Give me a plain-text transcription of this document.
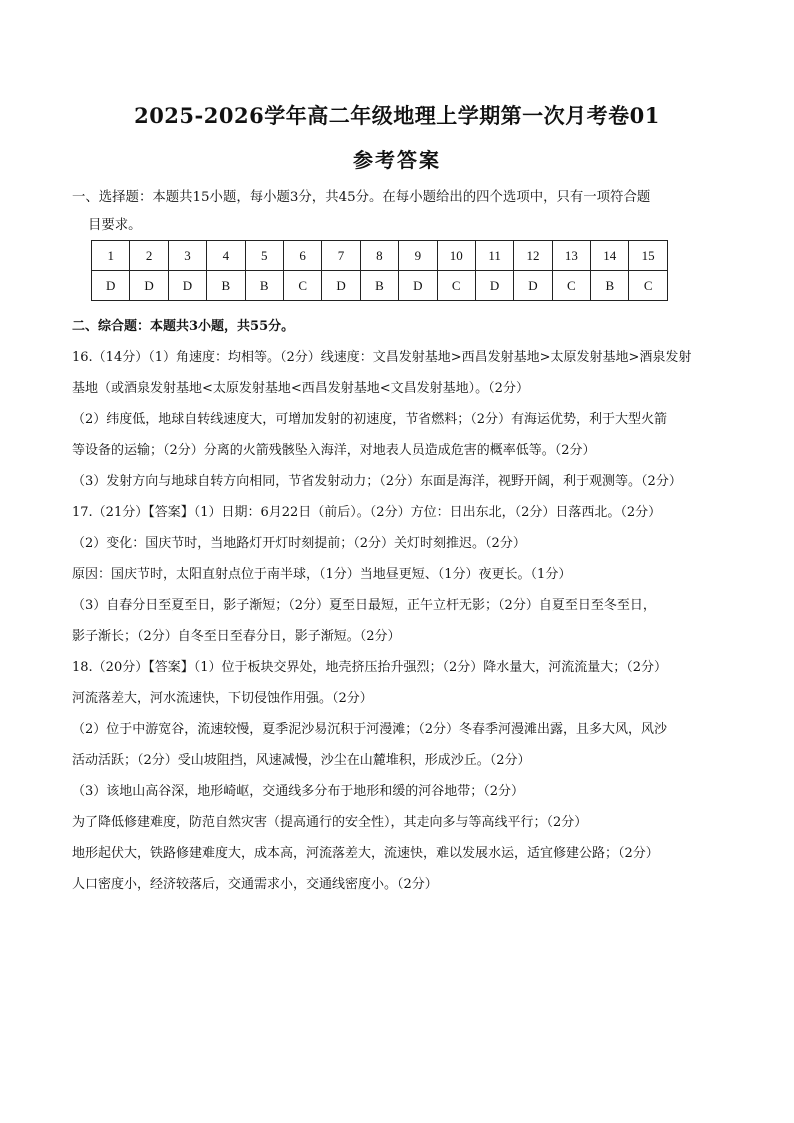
2025-2026学年高二年级地理上学期第一次月考卷01
参考答案
一、选择题：本题共15小题，每小题3分，共45分。在每小题给出的四个选项中，只有一项符合题
目要求。
1	2	3	4	5	6	7	8	9	10	11	12	13	14	15
D	D	D	B	B	C	D	B	D	C	D	D	C	B	C

二、综合题：本题共3小题，共55分。

16.（14分）（1）角速度：均相等。（2分）线速度：文昌发射基地>西昌发射基地>太原发射基地>酒泉发射

基地（或酒泉发射基地<太原发射基地<西昌发射基地<文昌发射基地）。（2分）

（2）纬度低，地球自转线速度大，可增加发射的初速度，节省燃料；（2分）有海运优势，利于大型火箭

等设备的运输；（2分）分离的火箭残骸坠入海洋，对地表人员造成危害的概率低等。（2分）

（3）发射方向与地球自转方向相同，节省发射动力；（2分）东面是海洋，视野开阔，利于观测等。（2分）

17.（21分）【答案】（1）日期：6月22日（前后）。（2分）方位：日出东北，（2分）日落西北。（2分）

（2）变化：国庆节时，当地路灯开灯时刻提前；（2分）关灯时刻推迟。（2分）

原因：国庆节时，太阳直射点位于南半球，（1分）当地昼更短、（1分）夜更长。（1分）

（3）自春分日至夏至日，影子渐短；（2分）夏至日最短，正午立杆无影；（2分）自夏至日至冬至日，

影子渐长；（2分）自冬至日至春分日，影子渐短。（2分）

18.（20分）【答案】（1）位于板块交界处，地壳挤压抬升强烈；（2分）降水量大，河流流量大；（2分）

河流落差大，河水流速快，下切侵蚀作用强。（2分）

（2）位于中游宽谷，流速较慢，夏季泥沙易沉积于河漫滩；（2分）冬春季河漫滩出露，且多大风，风沙

活动活跃；（2分）受山坡阻挡，风速减慢，沙尘在山麓堆积，形成沙丘。（2分）

（3）该地山高谷深，地形崎岖，交通线多分布于地形和缓的河谷地带；（2分）

为了降低修建难度，防范自然灾害（提高通行的安全性），其走向多与等高线平行；（2分）

地形起伏大，铁路修建难度大，成本高，河流落差大，流速快，难以发展水运，适宜修建公路；（2分）

人口密度小，经济较落后，交通需求小，交通线密度小。（2分）
